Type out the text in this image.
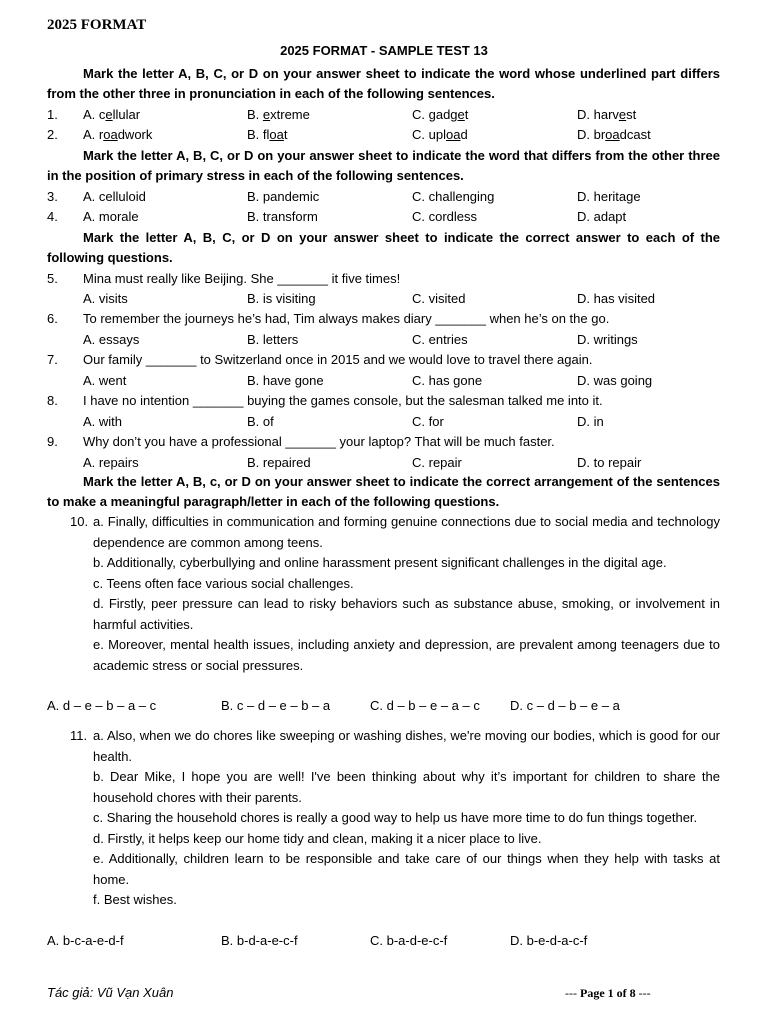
2025 FORMAT
2025 FORMAT - SAMPLE TEST 13
Mark the letter A, B, C, or D on your answer sheet to indicate the word whose underlined part differs from the other three in pronunciation in each of the following sentences.
1. A. cellular	B. extreme	C. gadget	D. harvest
2. A. roadwork	B. float	C. upload	D. broadcast
Mark the letter A, B, C, or D on your answer sheet to indicate the word that differs from the other three in the position of primary stress in each of the following sentences.
3. A. celluloid	B. pandemic	C. challenging	D. heritage
4. A. morale	B. transform	C. cordless	D. adapt
Mark the letter A, B, C, or D on your answer sheet to indicate the correct answer to each of the following questions.
5. Mina must really like Beijing. She _______ it five times!
A. visits	B. is visiting	C. visited	D. has visited
6. To remember the journeys he’s had, Tim always makes diary _______ when he’s on the go.
A. essays	B. letters	C. entries	D. writings
7. Our family _______ to Switzerland once in 2015 and we would love to travel there again.
A. went	B. have gone	C. has gone	D. was going
8. I have no intention _______ buying the games console, but the salesman talked me into it.
A. with	B. of	C. for	D. in
9. Why don’t you have a professional _______ your laptop? That will be much faster.
A. repairs	B. repaired	C. repair	D. to repair
Mark the letter A, B, c, or D on your answer sheet to indicate the correct arrangement of the sentences to make a meaningful paragraph/letter in each of the following questions.
10. a. Finally, difficulties in communication and forming genuine connections due to social media and technology dependence are common among teens.
b. Additionally, cyberbullying and online harassment present significant challenges in the digital age.
c. Teens often face various social challenges.
d. Firstly, peer pressure can lead to risky behaviors such as substance abuse, smoking, or involvement in harmful activities.
e. Moreover, mental health issues, including anxiety and depression, are prevalent among teenagers due to academic stress or social pressures.
A. d – e – b – a – c	B. c – d – e – b – a	C. d – b – e – a – c D. c – d – b – e – a
11. a. Also, when we do chores like sweeping or washing dishes, we're moving our bodies, which is good for our health.
b. Dear Mike, I hope you are well! I've been thinking about why it’s important for children to share the household chores with their parents.
c. Sharing the household chores is really a good way to help us have more time to do fun things together.
d. Firstly, it helps keep our home tidy and clean, making it a nicer place to live.
e. Additionally, children learn to be responsible and take care of our things when they help with tasks at home.
f. Best wishes.
A. b-c-a-e-d-f	B. b-d-a-e-c-f	C. b-a-d-e-c-f	D. b-e-d-a-c-f
Tác giả: Vũ Vạn Xuân	--- Page 1 of 8 ---
